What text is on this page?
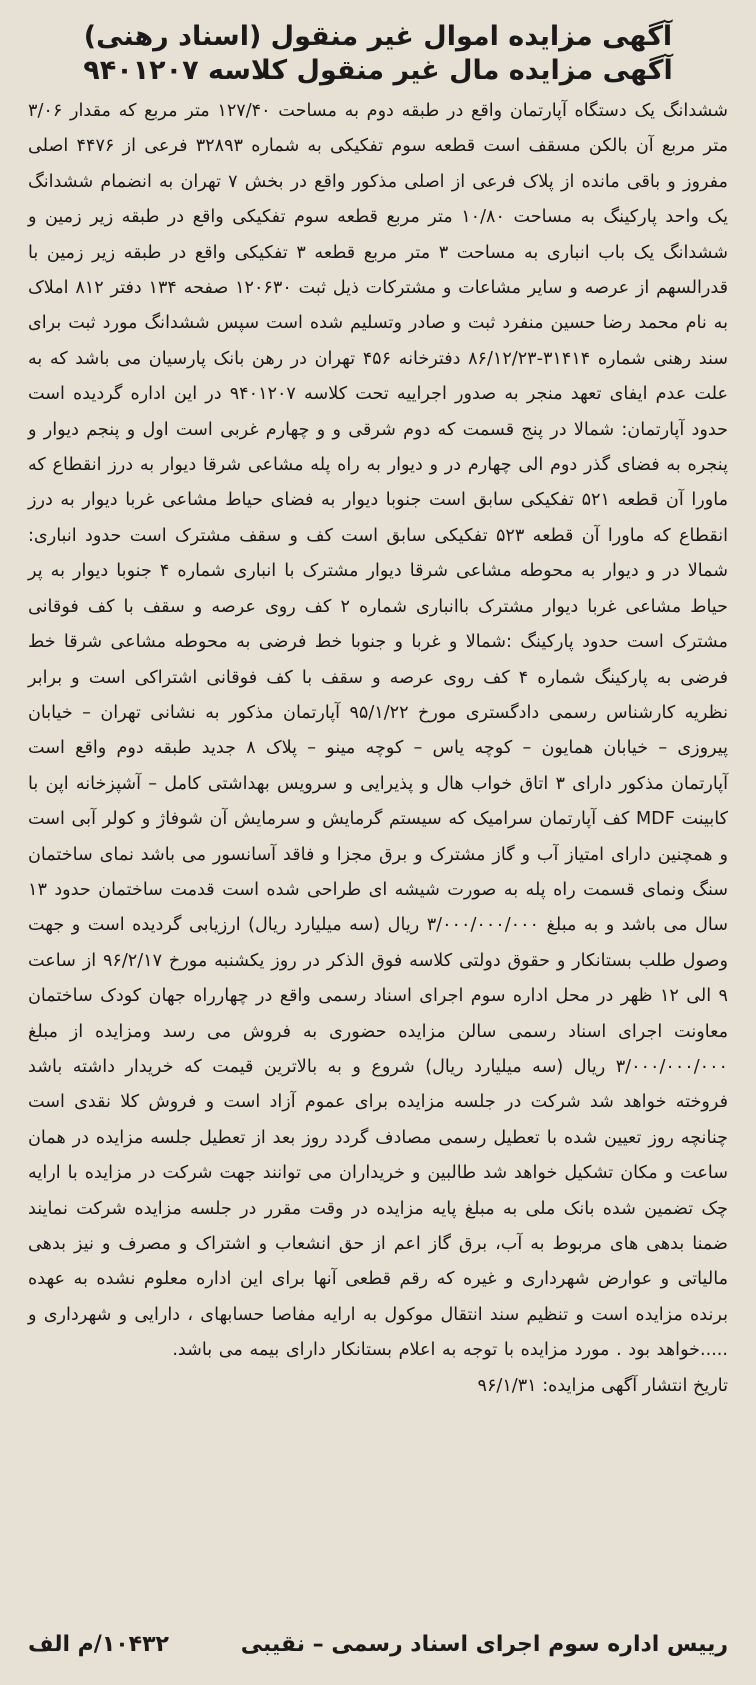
آگهی مزایده اموال غیر منقول (اسناد رهنی)
آگهی مزایده مال غیر منقول کلاسه ۹۴۰۱۲۰۷

ششدانگ یک دستگاه آپارتمان واقع در طبقه دوم به مساحت ۱۲۷/۴۰ متر مربع که مقدار ۳/۰۶ متر مربع آن بالکن مسقف است قطعه سوم تفکیکی به شماره ۳۲۸۹۳ فرعی از ۴۴۷۶ اصلی مفروز و باقی مانده از پلاک فرعی از اصلی مذکور واقع در بخش ۷ تهران به انضمام ششدانگ یک واحد پارکینگ به مساحت ۱۰/۸۰ متر مربع قطعه سوم تفکیکی واقع در طبقه زیر زمین و ششدانگ یک باب انباری به مساحت ۳ متر مربع قطعه ۳ تفکیکی واقع در طبقه زیر زمین با قدرالسهم از عرصه و سایر مشاعات و مشترکات ذیل ثبت ۱۲۰۶۳۰ صفحه ۱۳۴ دفتر ۸۱۲ املاک به نام محمد رضا حسین منفرد ثبت و صادر وتسلیم شده است سپس ششدانگ مورد ثبت برای سند رهنی شماره ۳۱۴۱۴-۸۶/۱۲/۲۳ دفترخانه ۴۵۶ تهران در رهن بانک پارسیان می باشد که به علت عدم ایفای تعهد منجر به صدور اجراییه تحت کلاسه ۹۴۰۱۲۰۷ در این اداره گردیده است حدود آپارتمان: شمالا در پنج قسمت که دوم شرقی و و چهارم غربی است اول و پنجم دیوار و پنجره به فضای گذر دوم الی چهارم در و دیوار به راه پله مشاعی شرقا دیوار به درز انقطاع که ماورا آن قطعه ۵۲۱ تفکیکی سابق است جنوبا دیوار به فضای حیاط مشاعی غربا دیوار به درز انقطاع که ماورا آن قطعه ۵۲۳ تفکیکی سابق است کف و سقف مشترک است حدود انباری: شمالا در و دیوار به محوطه مشاعی شرقا دیوار مشترک با انباری شماره ۴ جنوبا دیوار به پر حیاط مشاعی غربا دیوار مشترک باانباری شماره ۲ کف روی عرصه و سقف با کف فوقانی مشترک است حدود پارکینگ :شمالا و غربا و جنوبا خط فرضی به محوطه مشاعی شرقا خط فرضی به پارکینگ شماره ۴ کف روی عرصه و سقف با کف فوقانی اشتراکی است و برابر نظریه کارشناس رسمی دادگستری مورخ ۹۵/۱/۲۲ آپارتمان مذکور به نشانی تهران – خیابان پیروزی – خیابان همایون – کوچه یاس – کوچه مینو – پلاک ۸ جدید طبقه دوم واقع است آپارتمان مذکور دارای ۳ اتاق خواب هال و پذیرایی و سرویس بهداشتی کامل – آشپزخانه اپن با کابینت MDF کف آپارتمان سرامیک که سیستم گرمایش و سرمایش آن شوفاژ و کولر آبی است و همچنین دارای امتیاز آب و گاز مشترک و برق مجزا و فاقد آسانسور می باشد نمای ساختمان سنگ ونمای قسمت راه پله به صورت شیشه ای طراحی شده است قدمت ساختمان حدود ۱۳ سال می باشد و به مبلغ ۳/۰۰۰/۰۰۰/۰۰۰ ریال (سه میلیارد ریال) ارزیابی گردیده است و جهت وصول طلب بستانکار و حقوق دولتی کلاسه فوق الذکر در روز یکشنبه مورخ ۹۶/۲/۱۷ از ساعت ۹ الی ۱۲ ظهر در محل اداره سوم اجرای اسناد رسمی واقع در چهارراه جهان کودک ساختمان معاونت اجرای اسناد رسمی سالن مزایده حضوری به فروش می رسد ومزایده از مبلغ ۳/۰۰۰/۰۰۰/۰۰۰ ریال (سه میلیارد ریال) شروع و به بالاترین قیمت که خریدار داشته باشد فروخته خواهد شد شرکت در جلسه مزایده برای عموم آزاد است و فروش کلا نقدی است چنانچه روز تعیین شده با تعطیل رسمی مصادف گردد روز بعد از تعطیل جلسه مزایده در همان ساعت و مکان تشکیل خواهد شد طالبین و خریداران می توانند جهت شرکت در مزایده با ارایه چک تضمین شده بانک ملی به مبلغ پایه مزایده در وقت مقرر در جلسه مزایده شرکت نمایند ضمنا بدهی های مربوط به آب، برق گاز اعم از حق انشعاب و اشتراک و مصرف و نیز بدهی مالیاتی و عوارض شهرداری و غیره که رقم قطعی آنها برای این اداره معلوم نشده به عهده برنده مزایده است و تنظیم سند انتقال موکول به ارایه مفاصا حسابهای ، دارایی و شهرداری و .....خواهد بود . مورد مزایده با توجه به اعلام بستانکار دارای بیمه می باشد.

تاریخ انتشار آگهی مزایده: ۹۶/۱/۳۱

رییس اداره سوم اجرای اسناد رسمی – نقیبی
۱۰۴۳۲/م الف
